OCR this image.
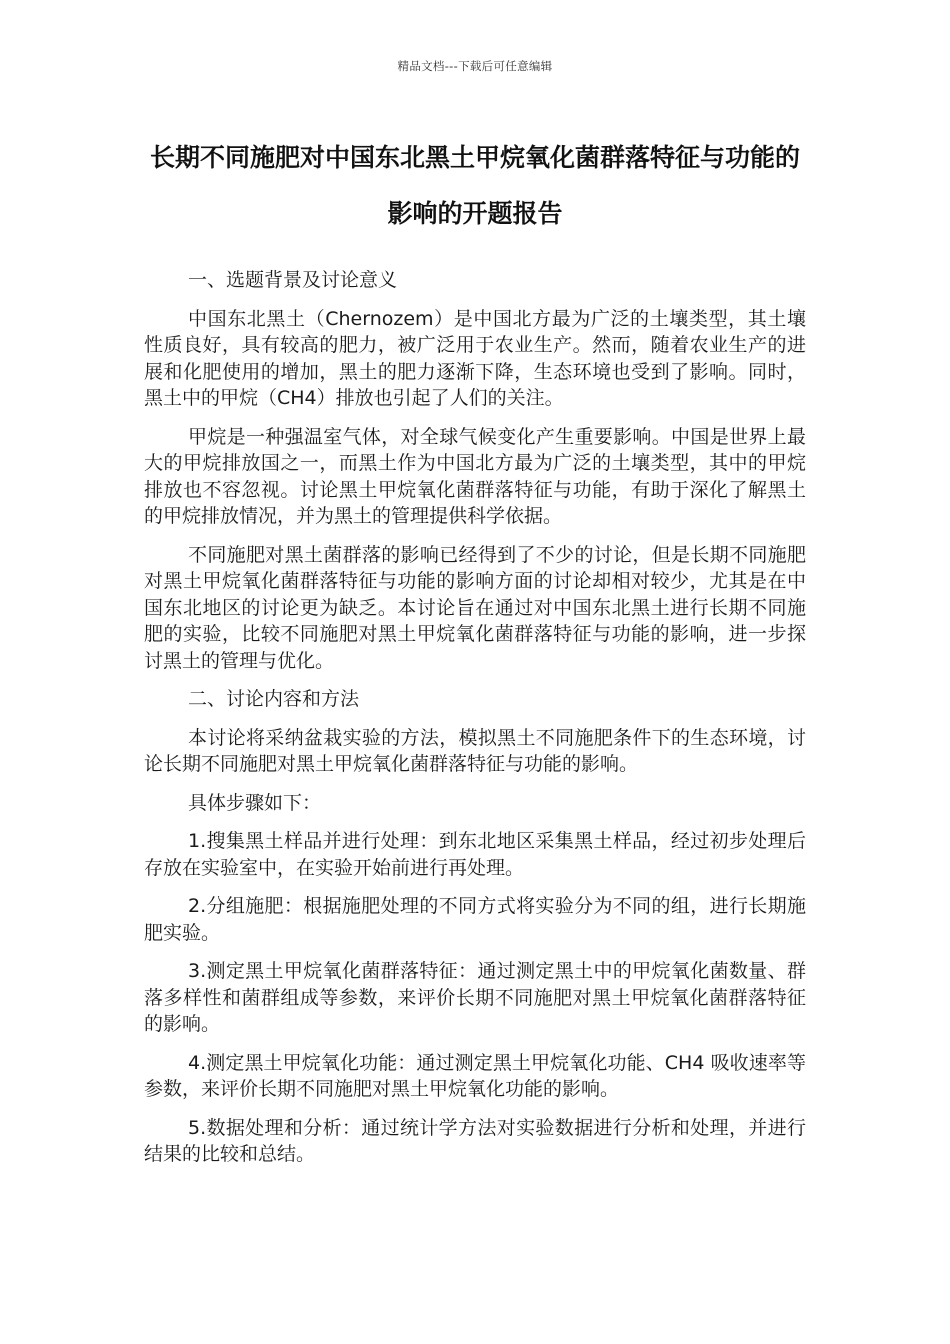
精品文档---下载后可任意编辑
长期不同施肥对中国东北黑土甲烷氧化菌群落特征与功能的影响的开题报告

一、选题背景及讨论意义

中国东北黑土（Chernozem）是中国北方最为广泛的土壤类型，其土壤性质良好，具有较高的肥力，被广泛用于农业生产。然而，随着农业生产的进展和化肥使用的增加，黑土的肥力逐渐下降，生态环境也受到了影响。同时，黑土中的甲烷（CH4）排放也引起了人们的关注。

甲烷是一种强温室气体，对全球气候变化产生重要影响。中国是世界上最大的甲烷排放国之一，而黑土作为中国北方最为广泛的土壤类型，其中的甲烷排放也不容忽视。讨论黑土甲烷氧化菌群落特征与功能，有助于深化了解黑土的甲烷排放情况，并为黑土的管理提供科学依据。

不同施肥对黑土菌群落的影响已经得到了不少的讨论，但是长期不同施肥对黑土甲烷氧化菌群落特征与功能的影响方面的讨论却相对较少，尤其是在中国东北地区的讨论更为缺乏。本讨论旨在通过对中国东北黑土进行长期不同施肥的实验，比较不同施肥对黑土甲烷氧化菌群落特征与功能的影响，进一步探讨黑土的管理与优化。

二、讨论内容和方法

本讨论将采纳盆栽实验的方法，模拟黑土不同施肥条件下的生态环境，讨论长期不同施肥对黑土甲烷氧化菌群落特征与功能的影响。

具体步骤如下：

1.搜集黑土样品并进行处理：到东北地区采集黑土样品，经过初步处理后存放在实验室中，在实验开始前进行再处理。

2.分组施肥：根据施肥处理的不同方式将实验分为不同的组，进行长期施肥实验。

3.测定黑土甲烷氧化菌群落特征：通过测定黑土中的甲烷氧化菌数量、群落多样性和菌群组成等参数，来评价长期不同施肥对黑土甲烷氧化菌群落特征的影响。

4.测定黑土甲烷氧化功能：通过测定黑土甲烷氧化功能、CH4 吸收速率等参数，来评价长期不同施肥对黑土甲烷氧化功能的影响。

5.数据处理和分析：通过统计学方法对实验数据进行分析和处理，并进行结果的比较和总结。
